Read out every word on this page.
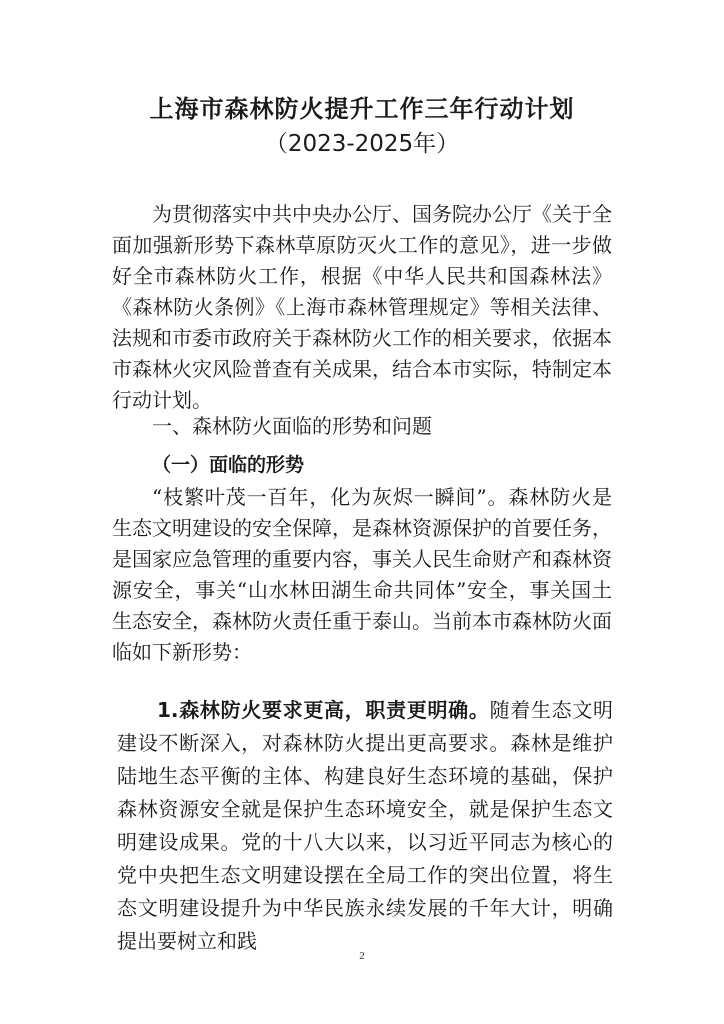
上海市森林防火提升工作三年行动计划
（2023-2025年）

为贯彻落实中共中央办公厅、国务院办公厅《关于全面加强新形势下森林草原防灭火工作的意见》，进一步做好全市森林防火工作，根据《中华人民共和国森林法》《森林防火条例》《上海市森林管理规定》等相关法律、法规和市委市政府关于森林防火工作的相关要求，依据本市森林火灾风险普查有关成果，结合本市实际，特制定本行动计划。

一、森林防火面临的形势和问题

（一）面临的形势

“枝繁叶茂一百年，化为灰烬一瞬间”。森林防火是生态文明建设的安全保障，是森林资源保护的首要任务，是国家应急管理的重要内容，事关人民生命财产和森林资源安全，事关“山水林田湖生命共同体”安全，事关国土生态安全，森林防火责任重于泰山。当前本市森林防火面临如下新形势：

1.森林防火要求更高，职责更明确。随着生态文明建设不断深入，对森林防火提出更高要求。森林是维护陆地生态平衡的主体、构建良好生态环境的基础，保护森林资源安全就是保护生态环境安全，就是保护生态文明建设成果。党的十八大以来，以习近平同志为核心的党中央把生态文明建设摆在全局工作的突出位置，将生态文明建设提升为中华民族永续发展的千年大计，明确提出要树立和践

2
